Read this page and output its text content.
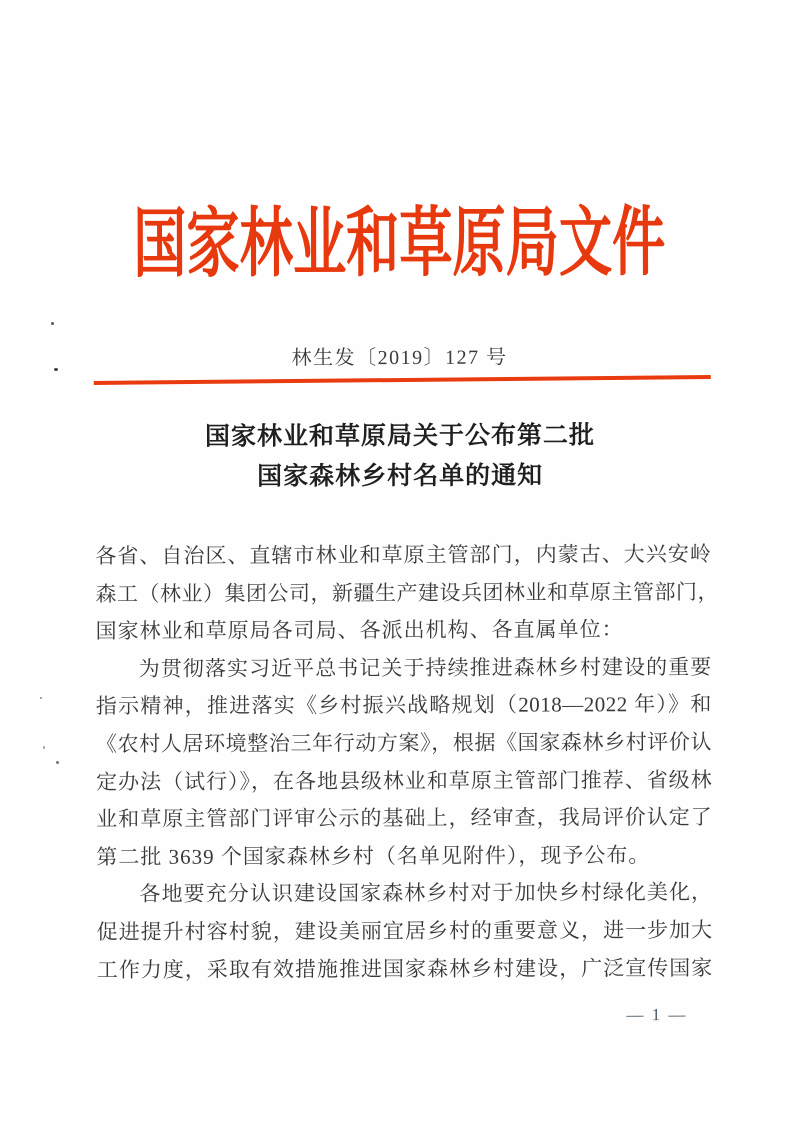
国家林业和草原局文件
林生发〔2019〕127 号
国家林业和草原局关于公布第二批
国家森林乡村名单的通知
各省、自治区、直辖市林业和草原主管部门，内蒙古、大兴安岭
森工（林业）集团公司，新疆生产建设兵团林业和草原主管部门，
国家林业和草原局各司局、各派出机构、各直属单位：
为贯彻落实习近平总书记关于持续推进森林乡村建设的重要
指示精神，推进落实《乡村振兴战略规划（2018—2022 年）》和
《农村人居环境整治三年行动方案》，根据《国家森林乡村评价认
定办法（试行）》，在各地县级林业和草原主管部门推荐、省级林
业和草原主管部门评审公示的基础上，经审查，我局评价认定了
第二批 3639 个国家森林乡村（名单见附件），现予公布。
各地要充分认识建设国家森林乡村对于加快乡村绿化美化，
促进提升村容村貌，建设美丽宜居乡村的重要意义，进一步加大
工作力度，采取有效措施推进国家森林乡村建设，广泛宣传国家
— 1 —
